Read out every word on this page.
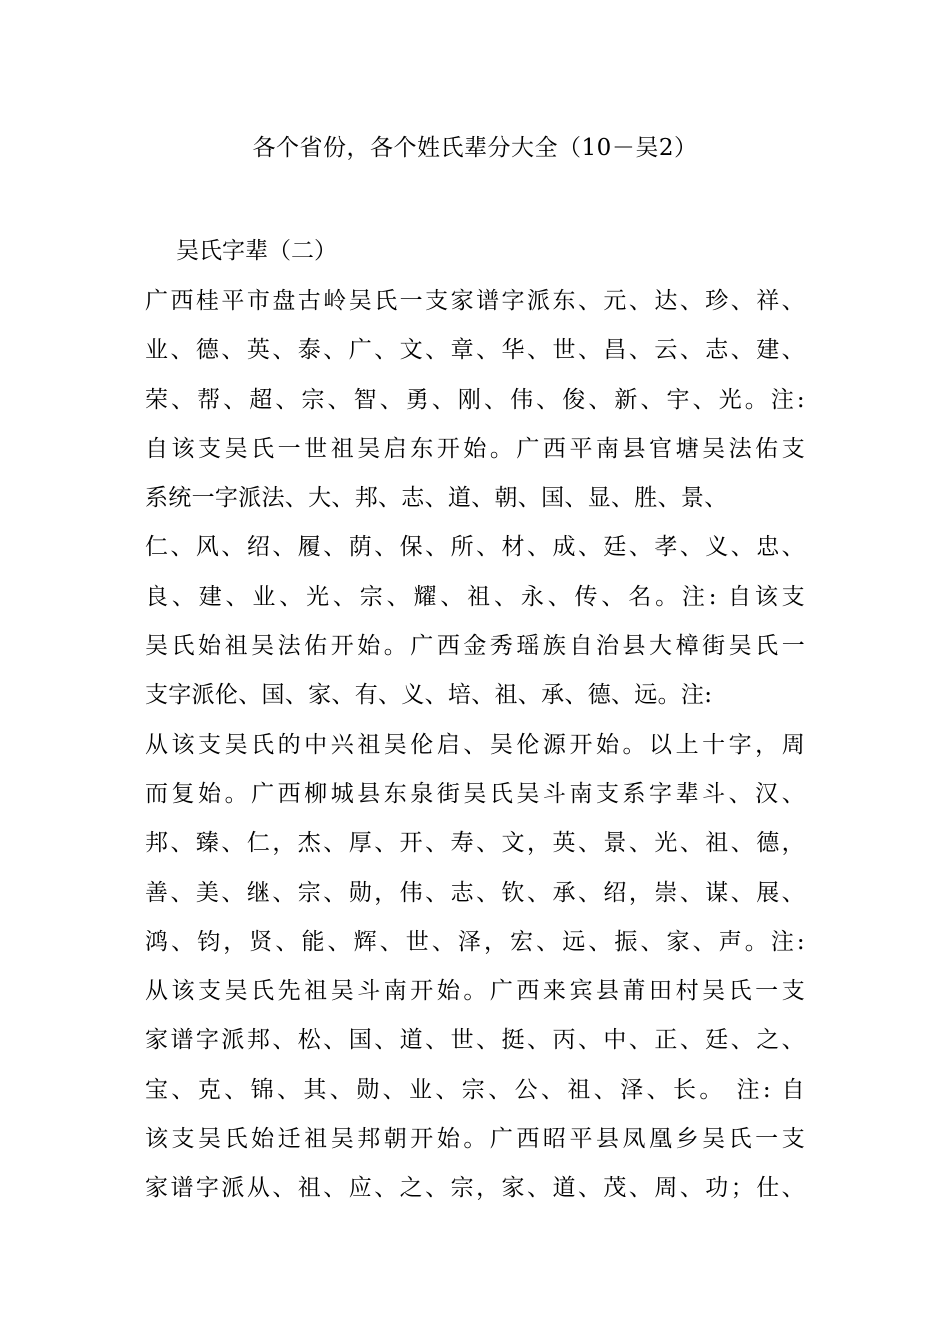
各个省份，各个姓氏辈分大全（10－吴2）
吴氏字辈（二）
广西桂平市盘古岭吴氏一支家谱字派东、元、达、珍、祥、
业、德、英、泰、广、文、章、华、世、昌、云、志、建、
荣、帮、超、宗、智、勇、刚、伟、俊、新、宇、光。注:
自该支吴氏一世祖吴启东开始。广西平南县官塘吴法佑支
系统一字派法、大、邦、志、道、朝、国、显、胜、景、
仁、风、绍、履、荫、保、所、材、成、廷、孝、义、忠、
良、建、业、光、宗、耀、祖、永、传、名。注: 自该支
吴氏始祖吴法佑开始。广西金秀瑶族自治县大樟街吴氏一
支字派伦、国、家、有、义、培、祖、承、德、远。注:
从该支吴氏的中兴祖吴伦启、吴伦源开始。以上十字，周
而复始。广西柳城县东泉街吴氏吴斗南支系字辈斗、汉、
邦、臻、仁，杰、厚、开、寿、文，英、景、光、祖、德，
善、美、继、宗、勋，伟、志、钦、承、绍，崇、谋、展、
鸿、钧，贤、能、辉、世、泽，宏、远、振、家、声。注:
从该支吴氏先祖吴斗南开始。广西来宾县莆田村吴氏一支
家谱字派邦、松、国、道、世、挺、丙、中、正、廷、之、
宝、克、锦、其、勋、业、宗、公、祖、泽、长。 注: 自
该支吴氏始迁祖吴邦朝开始。广西昭平县凤凰乡吴氏一支
家谱字派从、祖、应、之、宗，家、道、茂、周、功；仕、
